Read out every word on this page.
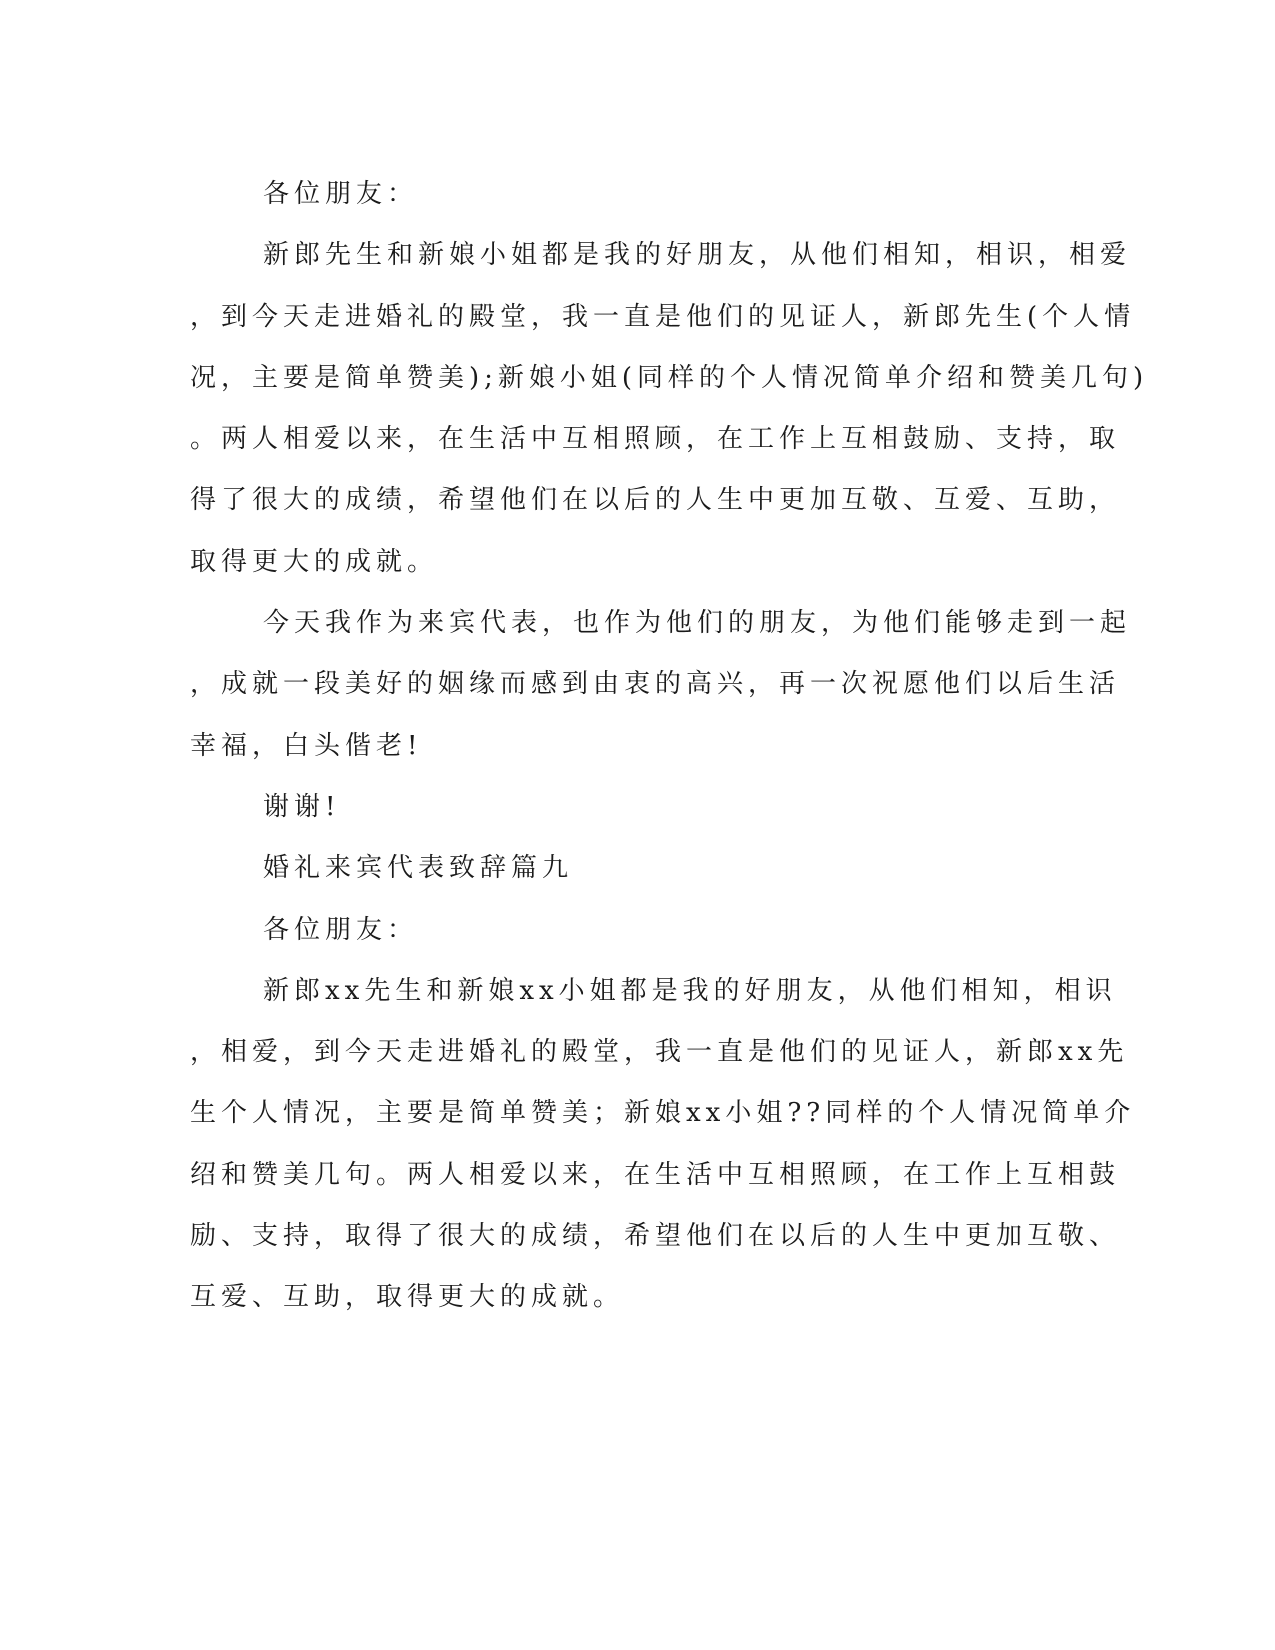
各位朋友：
新郎先生和新娘小姐都是我的好朋友，从他们相知，相识，相爱
，到今天走进婚礼的殿堂，我一直是他们的见证人，新郎先生(个人情
况，主要是简单赞美);新娘小姐(同样的个人情况简单介绍和赞美几句)
。两人相爱以来，在生活中互相照顾，在工作上互相鼓励、支持，取
得了很大的成绩，希望他们在以后的人生中更加互敬、互爱、互助，
取得更大的成就。
今天我作为来宾代表，也作为他们的朋友，为他们能够走到一起
，成就一段美好的姻缘而感到由衷的高兴，再一次祝愿他们以后生活
幸福，白头偕老!
谢谢!
婚礼来宾代表致辞篇九
各位朋友：
新郎xx先生和新娘xx小姐都是我的好朋友，从他们相知，相识
，相爱，到今天走进婚礼的殿堂，我一直是他们的见证人，新郎xx先
生个人情况，主要是简单赞美；新娘xx小姐??同样的个人情况简单介
绍和赞美几句。两人相爱以来，在生活中互相照顾，在工作上互相鼓
励、支持，取得了很大的成绩，希望他们在以后的人生中更加互敬、
互爱、互助，取得更大的成就。
